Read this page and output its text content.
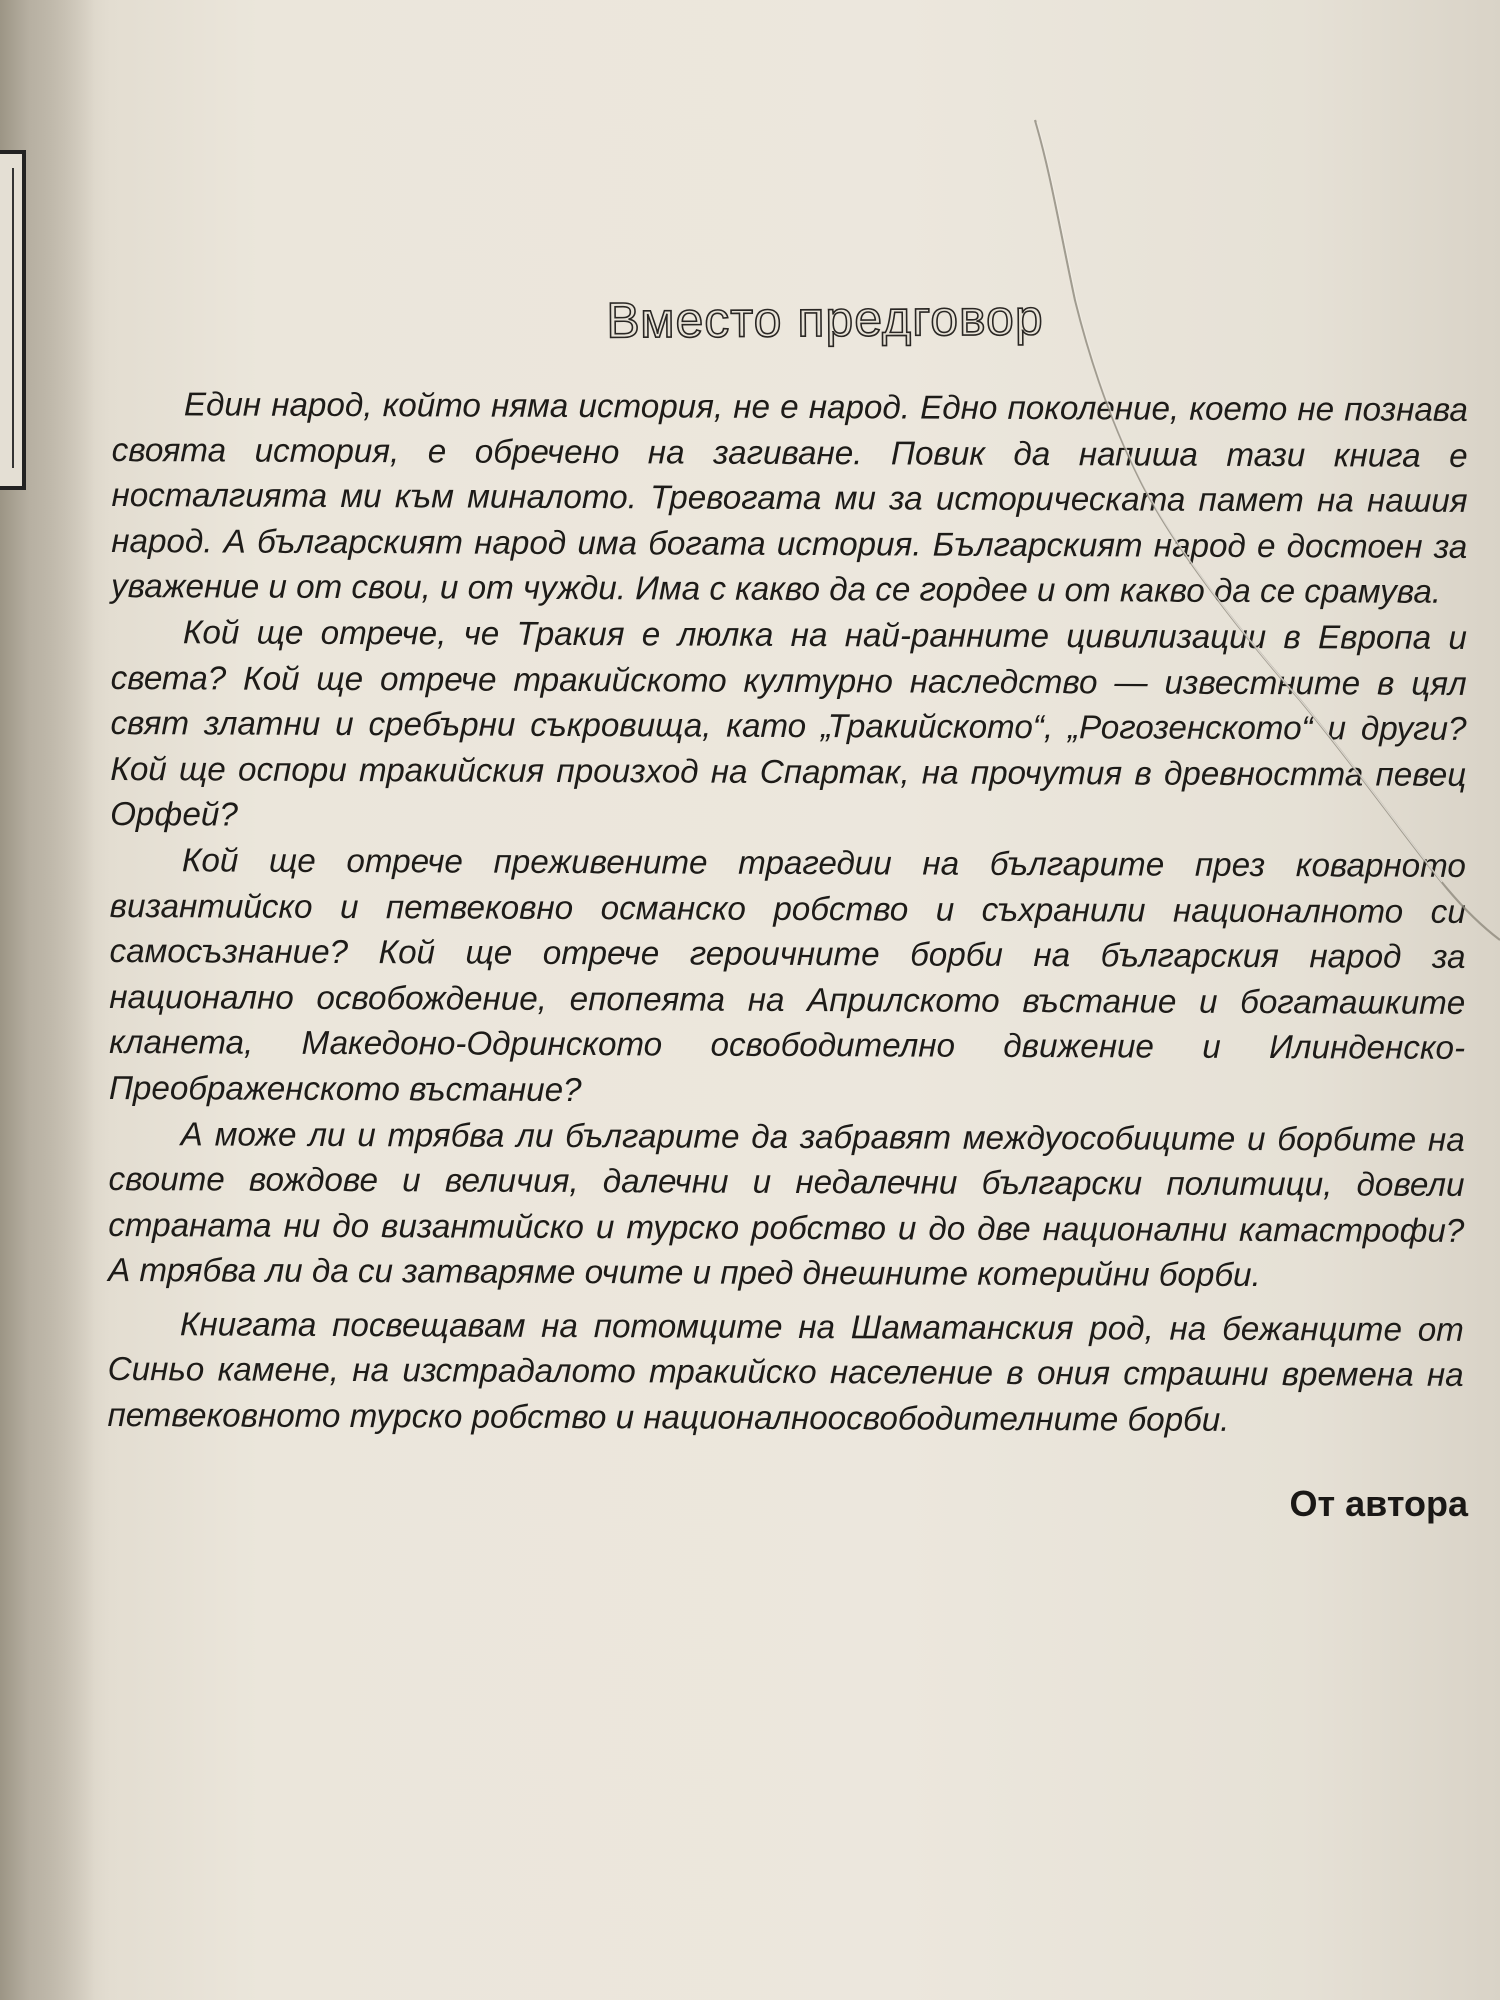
Вместо предговор

Един народ, който няма история, не е народ. Едно поколение, което не познава своята история, е обречено на загиване. Повик да напиша тази книга е носталгията ми към миналото. Тревогата ми за историческата памет на нашия народ. А българският народ има богата история. Българският народ е достоен за уважение и от свои, и от чужди. Има с какво да се гордее и от какво да се срамува.

Кой ще отрече, че Тракия е люлка на най-ранните цивилизации в Европа и света? Кой ще отрече тракийското културно наследство — известните в цял свят златни и сребърни съкровища, като „Тракийското“, „Рогозенското“ и други? Кой ще оспори тракийския произход на Спартак, на прочутия в древността певец Орфей?

Кой ще отрече преживените трагедии на българите през коварното византийско и петвековно османско робство и съхранили националното си самосъзнание? Кой ще отрече героичните борби на българския народ за национално освобождение, епопеята на Априлското въстание и богаташките кланета, Македоно-Одринското освободително движение и Илинденско-Преображенското въстание?

А може ли и трябва ли българите да забравят междуособиците и борбите на своите вождове и величия, далечни и недалечни български политици, довели страната ни до византийско и турско робство и до две национални катастрофи? А трябва ли да си затваряме очите и пред днешните котерийни борби.

Книгата посвещавам на потомците на Шаматанския род, на бежанците от Синьо камене, на изстрадалото тракийско население в ония страшни времена на петвековното турско робство и националноосвободителните борби.

От автора
